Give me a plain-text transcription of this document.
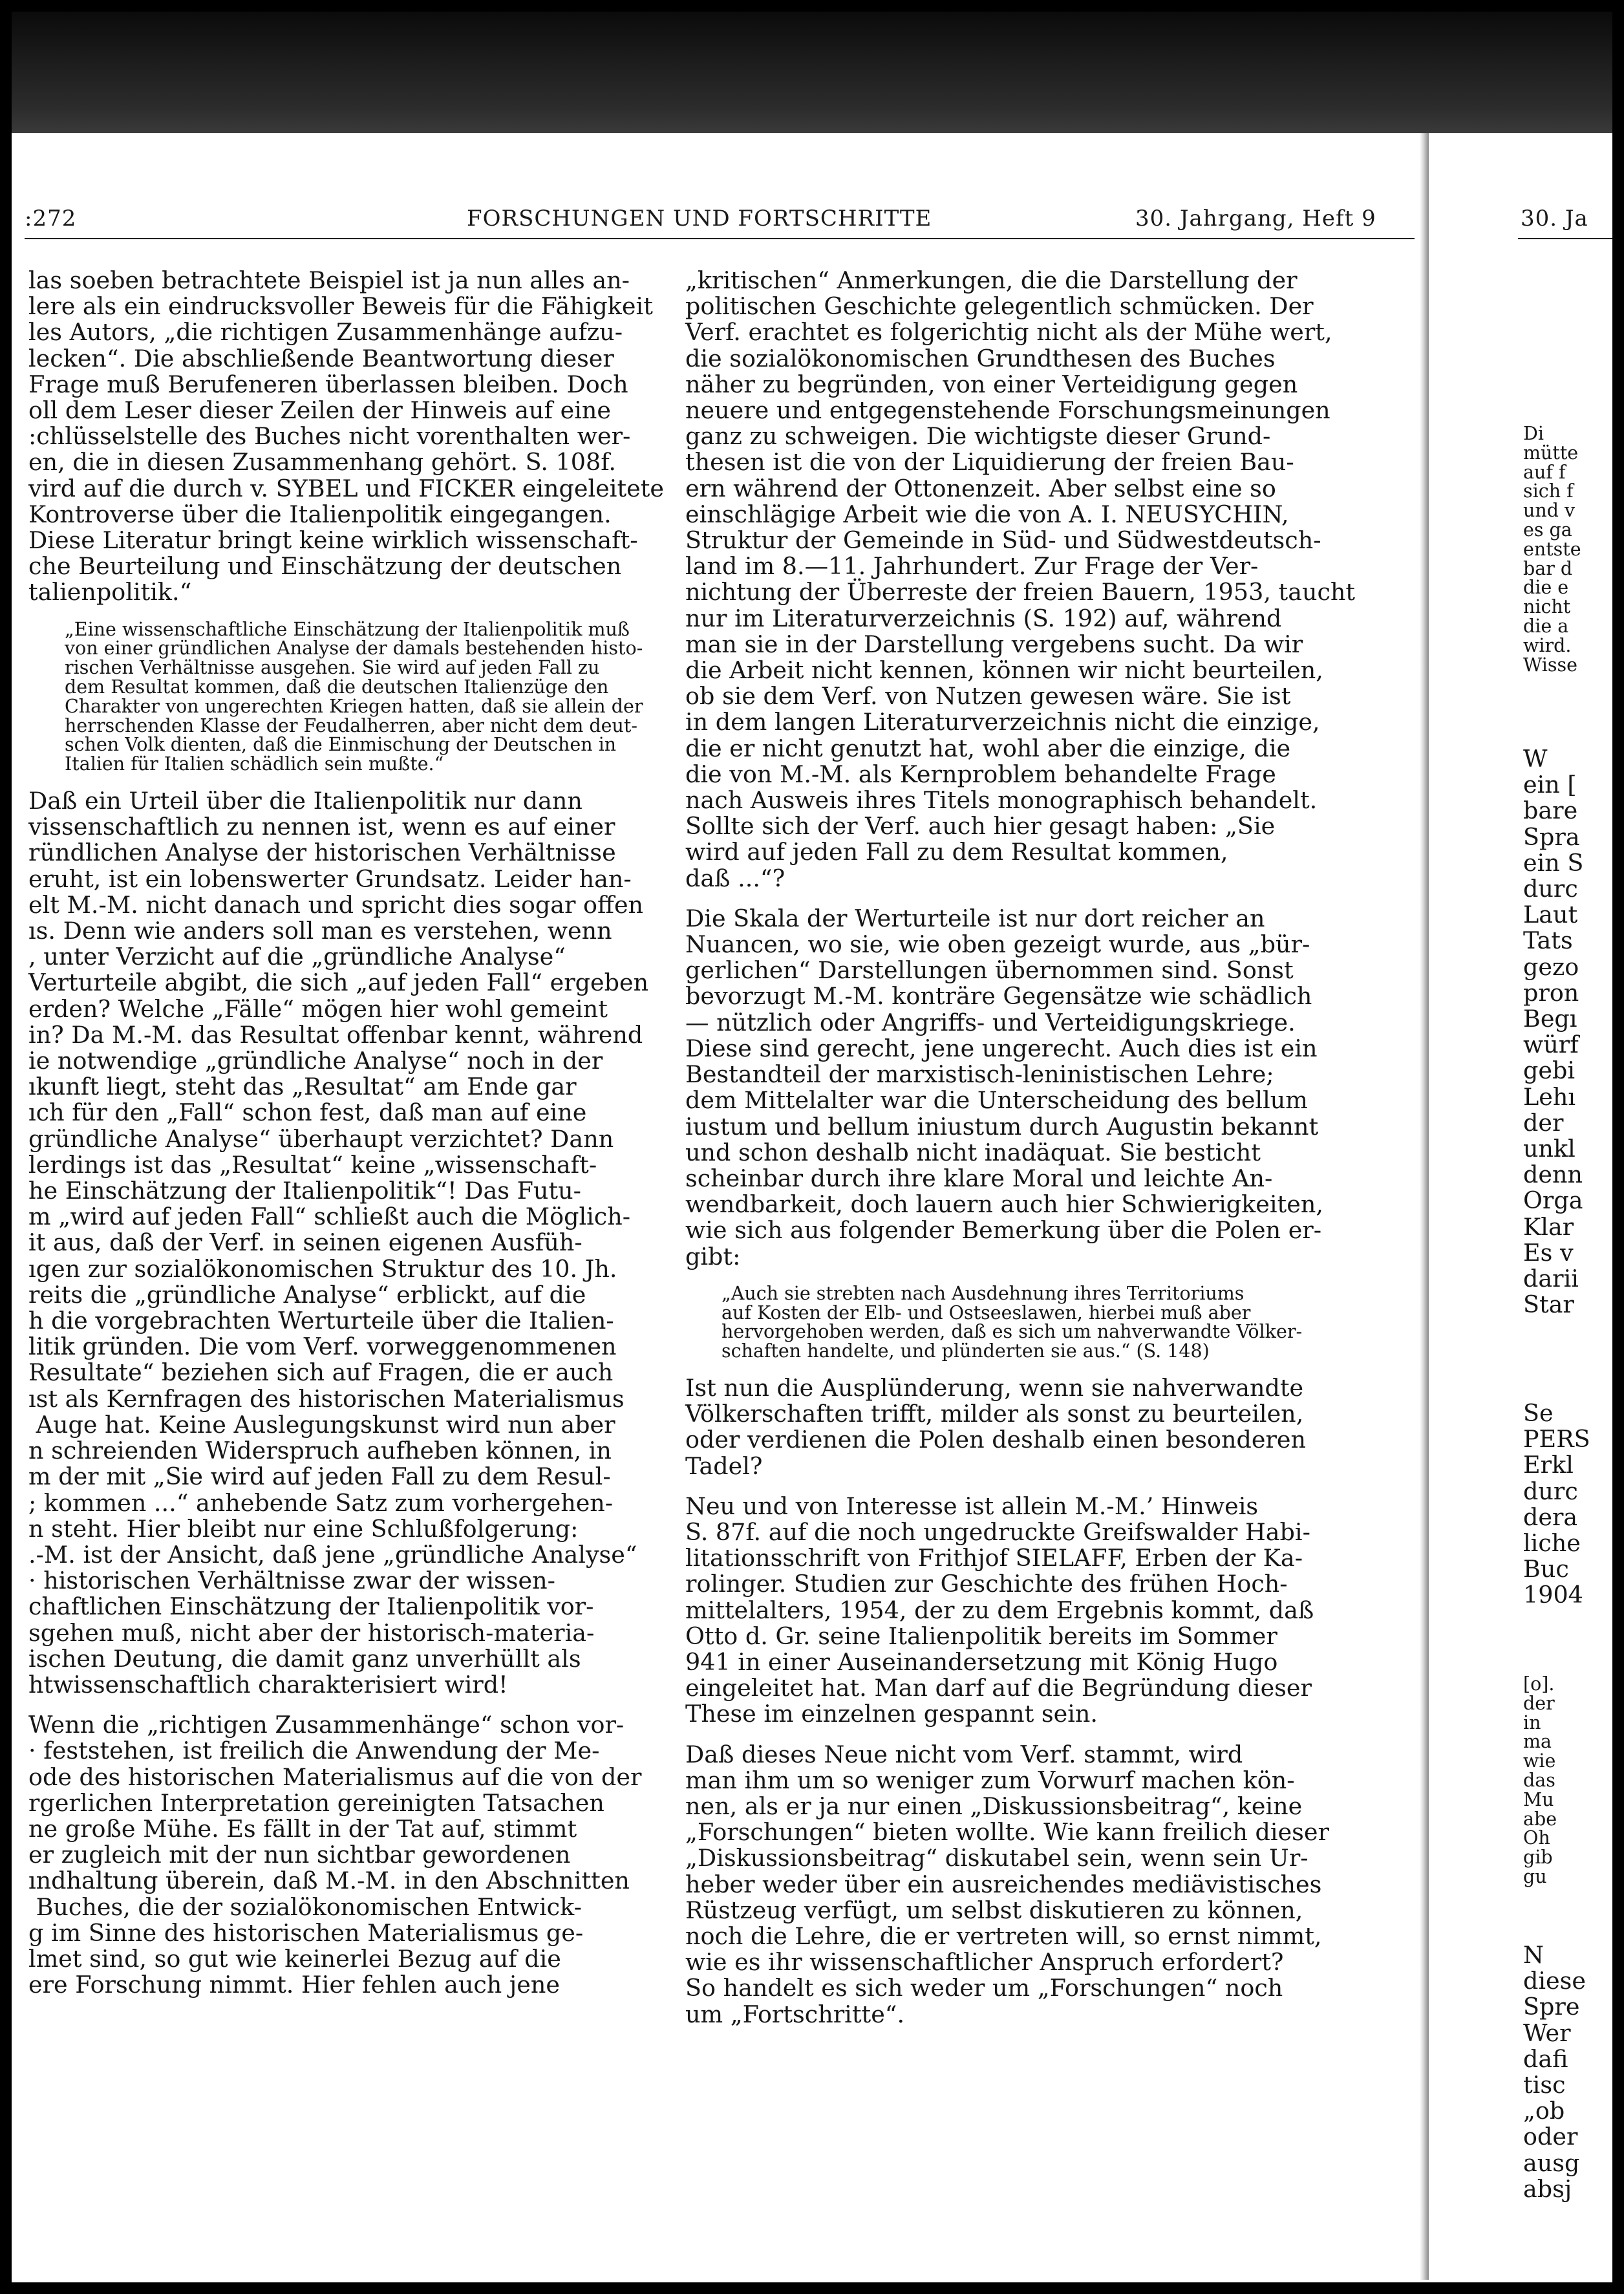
:272	FORSCHUNGEN UND FORTSCHRITTE	30. Jahrgang, Heft 9	30. Ja

las soeben betrachtete Beispiel ist ja nun alles an-

lere als ein eindrucksvoller Beweis für die Fähigkeit

les Autors, „die richtigen Zusammenhänge aufzu-

lecken“. Die abschließende Beantwortung dieser

Frage muß Berufeneren überlassen bleiben. Doch

oll dem Leser dieser Zeilen der Hinweis auf eine

:chlüsselstelle des Buches nicht vorenthalten wer-

en, die in diesen Zusammenhang gehört. S. 108f.

vird auf die durch v. SYBEL und FICKER eingeleitete

Kontroverse über die Italienpolitik eingegangen.

Diese Literatur bringt keine wirklich wissenschaft-

che Beurteilung und Einschätzung der deutschen

talienpolitik.“

„Eine wissenschaftliche Einschätzung der Italienpolitik muß

von einer gründlichen Analyse der damals bestehenden histo-

rischen Verhältnisse ausgehen. Sie wird auf jeden Fall zu

dem Resultat kommen, daß die deutschen Italienzüge den

Charakter von ungerechten Kriegen hatten, daß sie allein der

herrschenden Klasse der Feudalherren, aber nicht dem deut-

schen Volk dienten, daß die Einmischung der Deutschen in

Italien für Italien schädlich sein mußte.“

Daß ein Urteil über die Italienpolitik nur dann

vissenschaftlich zu nennen ist, wenn es auf einer

ründlichen Analyse der historischen Verhältnisse

eruht, ist ein lobenswerter Grundsatz. Leider han-

elt M.-M. nicht danach und spricht dies sogar offen

ıs. Denn wie anders soll man es verstehen, wenn

, unter Verzicht auf die „gründliche Analyse“

Verturteile abgibt, die sich „auf jeden Fall“ ergeben

erden? Welche „Fälle“ mögen hier wohl gemeint

in? Da M.-M. das Resultat offenbar kennt, während

ie notwendige „gründliche Analyse“ noch in der

ıkunft liegt, steht das „Resultat“ am Ende gar

ıch für den „Fall“ schon fest, daß man auf eine

gründliche Analyse“ überhaupt verzichtet? Dann

lerdings ist das „Resultat“ keine „wissenschaft-

he Einschätzung der Italienpolitik“! Das Futu-

m „wird auf jeden Fall“ schließt auch die Möglich-

it aus, daß der Verf. in seinen eigenen Ausfüh-

ıgen zur sozialökonomischen Struktur des 10. Jh.

reits die „gründliche Analyse“ erblickt, auf die

h die vorgebrachten Werturteile über die Italien-

litik gründen. Die vom Verf. vorweggenommenen

Resultate“ beziehen sich auf Fragen, die er auch

ıst als Kernfragen des historischen Materialismus

Auge hat. Keine Auslegungskunst wird nun aber

n schreienden Widerspruch aufheben können, in

m der mit „Sie wird auf jeden Fall zu dem Resul-

; kommen ...“ anhebende Satz zum vorhergehen-

n steht. Hier bleibt nur eine Schlußfolgerung:

.-M. ist der Ansicht, daß jene „gründliche Analyse“

· historischen Verhältnisse zwar der wissen-

chaftlichen Einschätzung der Italienpolitik vor-

sgehen muß, nicht aber der historisch-materia-

ischen Deutung, die damit ganz unverhüllt als

htwissenschaftlich charakterisiert wird!

Wenn die „richtigen Zusammenhänge“ schon vor-

· feststehen, ist freilich die Anwendung der Me-

ode des historischen Materialismus auf die von der

rgerlichen Interpretation gereinigten Tatsachen

ne große Mühe. Es fällt in der Tat auf, stimmt

er zugleich mit der nun sichtbar gewordenen

ındhaltung überein, daß M.-M. in den Abschnitten

Buches, die der sozialökonomischen Entwick-

g im Sinne des historischen Materialismus ge-

lmet sind, so gut wie keinerlei Bezug auf die

ere Forschung nimmt. Hier fehlen auch jene

„kritischen“ Anmerkungen, die die Darstellung der

politischen Geschichte gelegentlich schmücken. Der

Verf. erachtet es folgerichtig nicht als der Mühe wert,

die sozialökonomischen Grundthesen des Buches

näher zu begründen, von einer Verteidigung gegen

neuere und entgegenstehende Forschungsmeinungen

ganz zu schweigen. Die wichtigste dieser Grund-

thesen ist die von der Liquidierung der freien Bau-

ern während der Ottonenzeit. Aber selbst eine so

einschlägige Arbeit wie die von A. I. NEUSYCHIN,

Struktur der Gemeinde in Süd- und Südwestdeutsch-

land im 8.—11. Jahrhundert. Zur Frage der Ver-

nichtung der Überreste der freien Bauern, 1953, taucht

nur im Literaturverzeichnis (S. 192) auf, während

man sie in der Darstellung vergebens sucht. Da wir

die Arbeit nicht kennen, können wir nicht beurteilen,

ob sie dem Verf. von Nutzen gewesen wäre. Sie ist

in dem langen Literaturverzeichnis nicht die einzige,

die er nicht genutzt hat, wohl aber die einzige, die

die von M.-M. als Kernproblem behandelte Frage

nach Ausweis ihres Titels monographisch behandelt.

Sollte sich der Verf. auch hier gesagt haben: „Sie

wird auf jeden Fall zu dem Resultat kommen,

daß ...“?

Die Skala der Werturteile ist nur dort reicher an

Nuancen, wo sie, wie oben gezeigt wurde, aus „bür-

gerlichen“ Darstellungen übernommen sind. Sonst

bevorzugt M.-M. konträre Gegensätze wie schädlich

— nützlich oder Angriffs- und Verteidigungskriege.

Diese sind gerecht, jene ungerecht. Auch dies ist ein

Bestandteil der marxistisch-leninistischen Lehre;

dem Mittelalter war die Unterscheidung des bellum

iustum und bellum iniustum durch Augustin bekannt

und schon deshalb nicht inadäquat. Sie besticht

scheinbar durch ihre klare Moral und leichte An-

wendbarkeit, doch lauern auch hier Schwierigkeiten,

wie sich aus folgender Bemerkung über die Polen er-

gibt:

„Auch sie strebten nach Ausdehnung ihres Territoriums

auf Kosten der Elb- und Ostseeslawen, hierbei muß aber

hervorgehoben werden, daß es sich um nahverwandte Völker-

schaften handelte, und plünderten sie aus.“ (S. 148)

Ist nun die Ausplünderung, wenn sie nahverwandte

Völkerschaften trifft, milder als sonst zu beurteilen,

oder verdienen die Polen deshalb einen besonderen

Tadel?

Neu und von Interesse ist allein M.-M.’ Hinweis

S. 87f. auf die noch ungedruckte Greifswalder Habi-

litationsschrift von Frithjof SIELAFF, Erben der Ka-

rolinger. Studien zur Geschichte des frühen Hoch-

mittelalters, 1954, der zu dem Ergebnis kommt, daß

Otto d. Gr. seine Italienpolitik bereits im Sommer

941 in einer Auseinandersetzung mit König Hugo

eingeleitet hat. Man darf auf die Begründung dieser

These im einzelnen gespannt sein.

Daß dieses Neue nicht vom Verf. stammt, wird

man ihm um so weniger zum Vorwurf machen kön-

nen, als er ja nur einen „Diskussionsbeitrag“, keine

„Forschungen“ bieten wollte. Wie kann freilich dieser

„Diskussionsbeitrag“ diskutabel sein, wenn sein Ur-

heber weder über ein ausreichendes mediävistisches

Rüstzeug verfügt, um selbst diskutieren zu können,

noch die Lehre, die er vertreten will, so ernst nimmt,

wie es ihr wissenschaftlicher Anspruch erfordert?

So handelt es sich weder um „Forschungen“ noch

um „Fortschritte“.

Di

mütte

auf f

sich f

und v

es ga

entste

bar d

die e

nicht

die a

wird.

Wisse

W

ein [

bare

Spra

ein S

durc

Laut

Tats

gezo

pron

Begı

würf

gebi

Lehı

der

unkl

denn

Orga

Klar

Es v

darii

Star

Se

PERS

Erkl

durc

dera

liche

Buc

1904

[o].

der

in

ma

wie

das

Mu

abe

Oh

gib

gu

N

diese

Spre

Wer

dafi

tisc

„ob

oder

ausg

absj
